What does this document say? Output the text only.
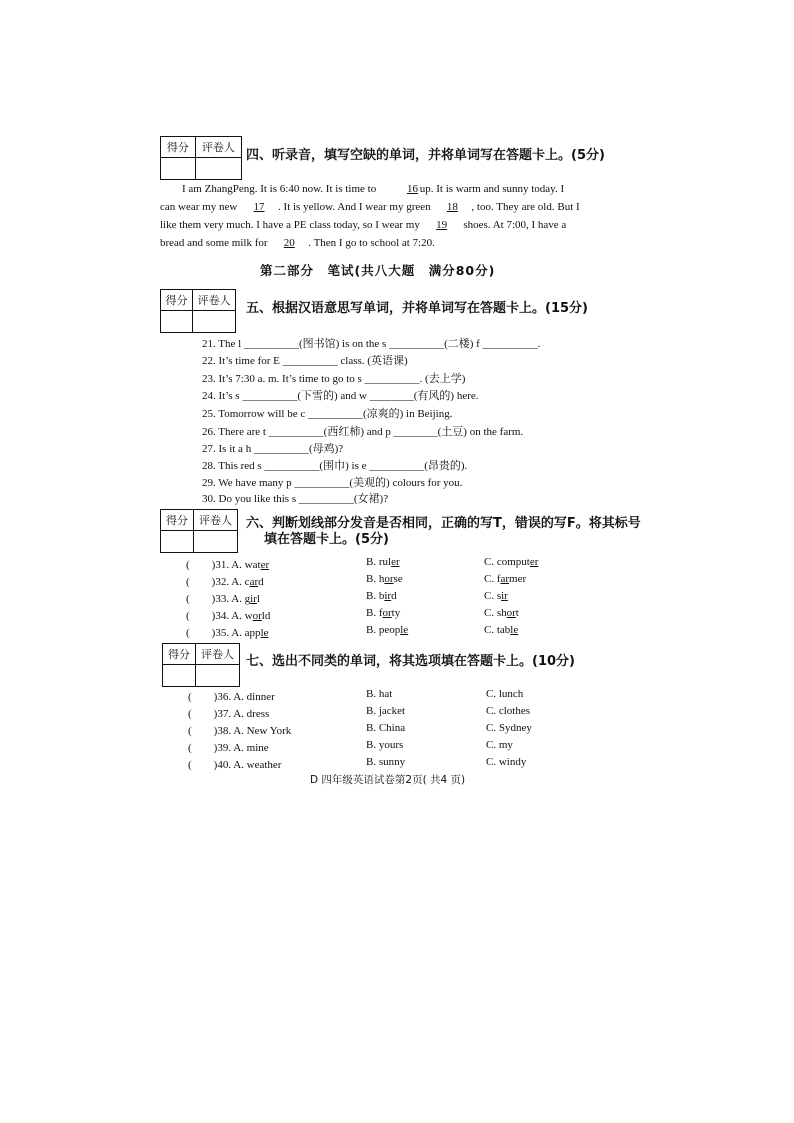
得分	评卷人
四、听录音，填写空缺的单词，并将单词写在答题卡上。(5分)
I am ZhangPeng. It is 6:40 now. It is time to	16 up. It is warm and sunny today. I
can wear my new 17 . It is yellow. And I wear my green 18 , too. They are old. But I
like them very much. I have a PE class today, so I wear my 19 shoes. At 7:00, I have a
bread and some milk for 20 . Then I go to school at 7:20.
第二部分　笔试(共八大题　满分80分)
得分 评卷人
五、根据汉语意思写单词，并将单词写在答题卡上。(15分)
21. The l __________(图书馆) is on the s __________(二楼) f __________.
22. It’s time for E __________ class. (英语课)
23. It’s 7:30 a. m. It’s time to go to s __________. (去上学)
24. It’s s __________(下雪的) and w ________(有风的) here.
25. Tomorrow will be c __________(凉爽的) in Beijing.
26. There are t __________(西红柿) and p ________(土豆) on the farm.
27. Is it a h __________(母鸡)?
28. This red s __________(围巾) is e __________(昂贵的).
29. We have many p __________(美观的) colours for you.
30. Do you like this s __________(女裙)?
得分	评卷人	六、判断划线部分发音是否相同，正确的写T，错误的写F。将其标号
填在答题卡上。(5分)
(　　)31. A. water	B. ruler	C. computer
(　　)32. A. card	B. horse	C. farmer
(　　)33. A. girl	B. bird	C. sir
(　　)34. A. world	B. forty	C. short
(　　)35. A. apple	B. people	C. table
得分	评卷人 七、选出不同类的单词，将其选项填在答题卡上。(10分)
(　　)36. A. dinner	B. hat	C. lunch
(　　)37. A. dress	B. jacket	C. clothes
(　　)38. A. New York	B. China	C. Sydney
(　　)39. A. mine	B. yours	C. my
(　　)40. A. weather	B. sunny	C. windy
D 四年级英语试卷第2页( 共4 页)
